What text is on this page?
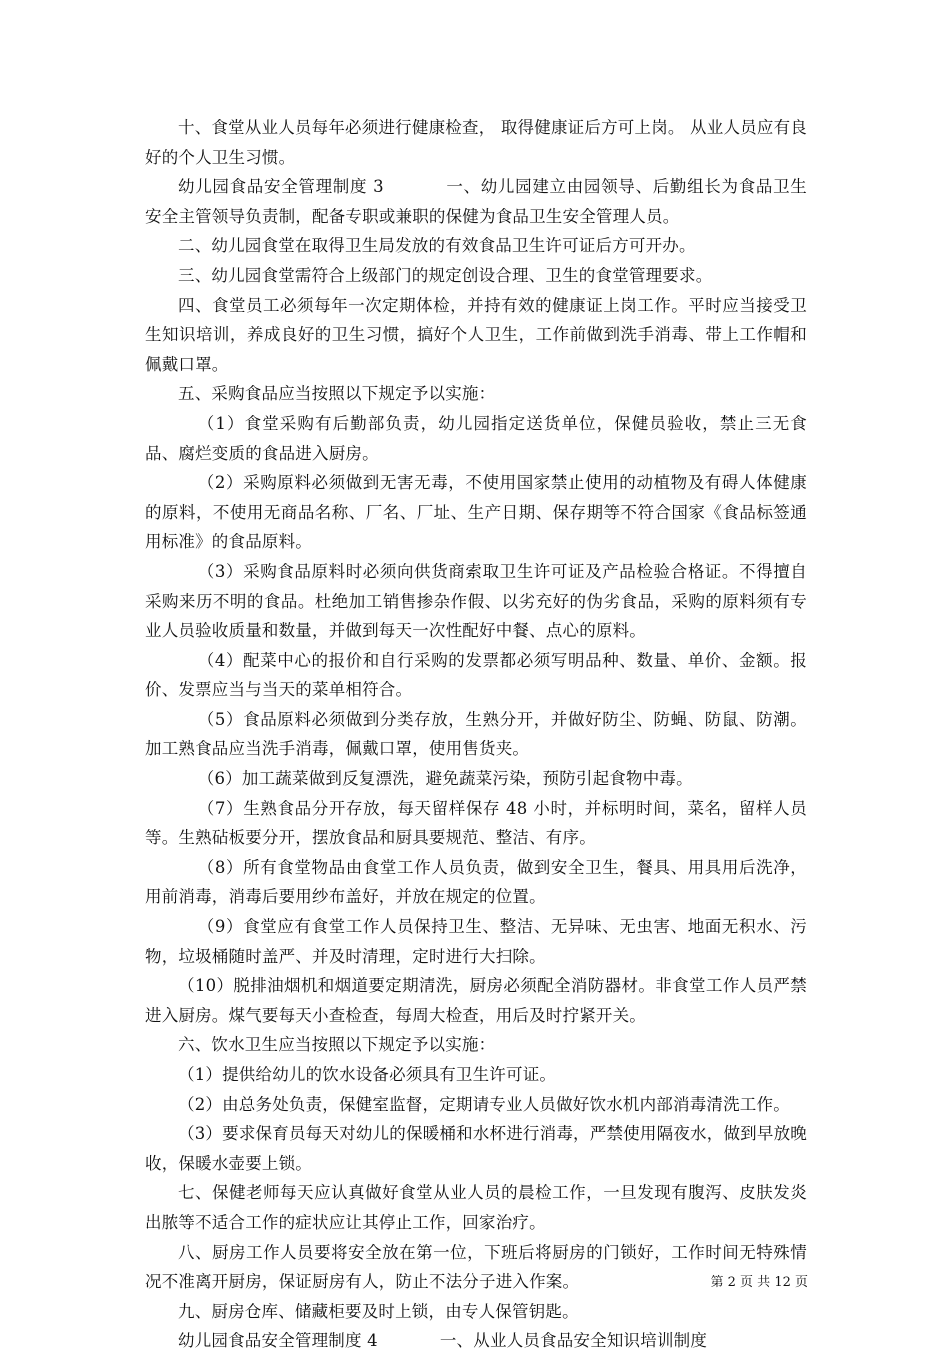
十、食堂从业人员每年必须进行健康检查， 取得健康证后方可上岗。 从业人员应有良好的个人卫生习惯。

幼儿园食品安全管理制度 3	一、幼儿园建立由园领导、后勤组长为食品卫生安全主管领导负责制，配备专职或兼职的保健为食品卫生安全管理人员。

二、幼儿园食堂在取得卫生局发放的有效食品卫生许可证后方可开办。

三、幼儿园食堂需符合上级部门的规定创设合理、卫生的食堂管理要求。

四、食堂员工必须每年一次定期体检，并持有效的健康证上岗工作。平时应当接受卫生知识培训，养成良好的卫生习惯，搞好个人卫生，工作前做到洗手消毒、带上工作帽和佩戴口罩。

五、采购食品应当按照以下规定予以实施：

（1）食堂采购有后勤部负责，幼儿园指定送货单位，保健员验收，禁止三无食品、腐烂变质的食品进入厨房。

（2）采购原料必须做到无害无毒，不使用国家禁止使用的动植物及有碍人体健康的原料，不使用无商品名称、厂名、厂址、生产日期、保存期等不符合国家《食品标签通用标准》的食品原料。

（3）采购食品原料时必须向供货商索取卫生许可证及产品检验合格证。不得擅自采购来历不明的食品。杜绝加工销售掺杂作假、以劣充好的伪劣食品，采购的原料须有专业人员验收质量和数量，并做到每天一次性配好中餐、点心的原料。

（4）配菜中心的报价和自行采购的发票都必须写明品种、数量、单价、金额。报价、发票应当与当天的菜单相符合。

（5）食品原料必须做到分类存放，生熟分开，并做好防尘、防蝇、防鼠、防潮。加工熟食品应当洗手消毒，佩戴口罩，使用售货夹。

（6）加工蔬菜做到反复漂洗，避免蔬菜污染，预防引起食物中毒。

（7）生熟食品分开存放，每天留样保存 48 小时，并标明时间，菜名，留样人员等。生熟砧板要分开，摆放食品和厨具要规范、整洁、有序。

（8）所有食堂物品由食堂工作人员负责，做到安全卫生，餐具、用具用后洗净，用前消毒，消毒后要用纱布盖好，并放在规定的位置。

（9）食堂应有食堂工作人员保持卫生、整洁、无异味、无虫害、地面无积水、污物，垃圾桶随时盖严、并及时清理，定时进行大扫除。

（10）脱排油烟机和烟道要定期清洗，厨房必须配全消防器材。非食堂工作人员严禁进入厨房。煤气要每天小查检查，每周大检查，用后及时拧紧开关。

六、饮水卫生应当按照以下规定予以实施：

（1）提供给幼儿的饮水设备必须具有卫生许可证。

（2）由总务处负责，保健室监督，定期请专业人员做好饮水机内部消毒清洗工作。

（3）要求保育员每天对幼儿的保暖桶和水杯进行消毒，严禁使用隔夜水，做到早放晚收，保暖水壶要上锁。

七、保健老师每天应认真做好食堂从业人员的晨检工作，一旦发现有腹泻、皮肤发炎出脓等不适合工作的症状应让其停止工作，回家治疗。

八、厨房工作人员要将安全放在第一位，下班后将厨房的门锁好，工作时间无特殊情况不准离开厨房，保证厨房有人，防止不法分子进入作案。

九、厨房仓库、储藏柜要及时上锁，由专人保管钥匙。

幼儿园食品安全管理制度 4	一、从业人员食品安全知识培训制度

第 2 页 共 12 页
